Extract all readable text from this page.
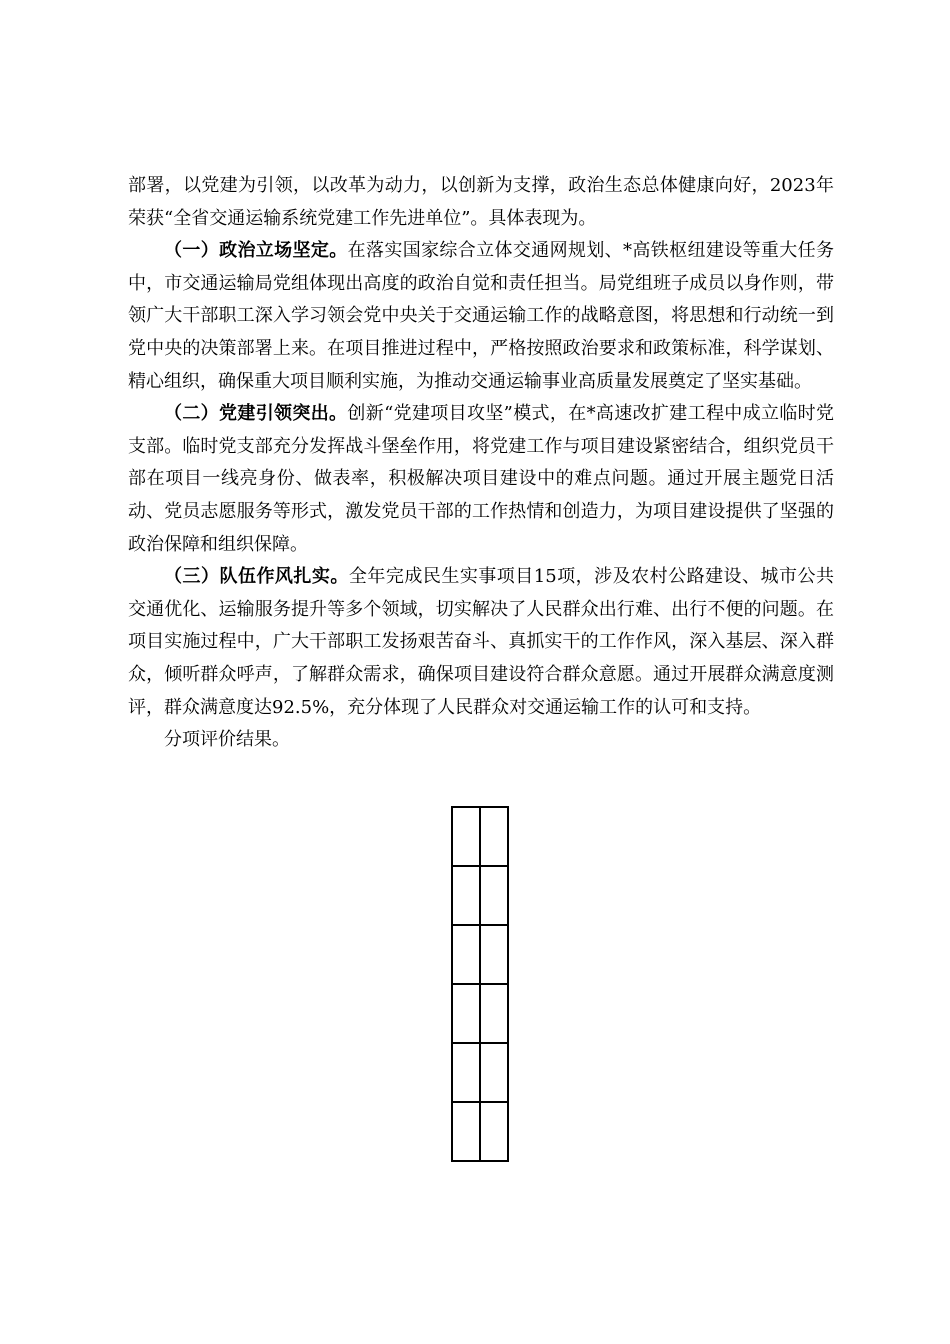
部署，以党建为引领，以改革为动力，以创新为支撑，政治生态总体健康向好，2023年荣获“全省交通运输系统党建工作先进单位”。具体表现为。

（一）政治立场坚定。在落实国家综合立体交通网规划、*高铁枢纽建设等重大任务中，市交通运输局党组体现出高度的政治自觉和责任担当。局党组班子成员以身作则，带领广大干部职工深入学习领会党中央关于交通运输工作的战略意图，将思想和行动统一到党中央的决策部署上来。在项目推进过程中，严格按照政治要求和政策标准，科学谋划、精心组织，确保重大项目顺利实施，为推动交通运输事业高质量发展奠定了坚实基础。

（二）党建引领突出。创新“党建项目攻坚”模式，在*高速改扩建工程中成立临时党支部。临时党支部充分发挥战斗堡垒作用，将党建工作与项目建设紧密结合，组织党员干部在项目一线亮身份、做表率，积极解决项目建设中的难点问题。通过开展主题党日活动、党员志愿服务等形式，激发党员干部的工作热情和创造力，为项目建设提供了坚强的政治保障和组织保障。

（三）队伍作风扎实。全年完成民生实事项目15项，涉及农村公路建设、城市公共交通优化、运输服务提升等多个领域，切实解决了人民群众出行难、出行不便的问题。在项目实施过程中，广大干部职工发扬艰苦奋斗、真抓实干的工作作风，深入基层、深入群众，倾听群众呼声，了解群众需求，确保项目建设符合群众意愿。通过开展群众满意度测评，群众满意度达92.5%，充分体现了人民群众对交通运输工作的认可和支持。

分项评价结果。
